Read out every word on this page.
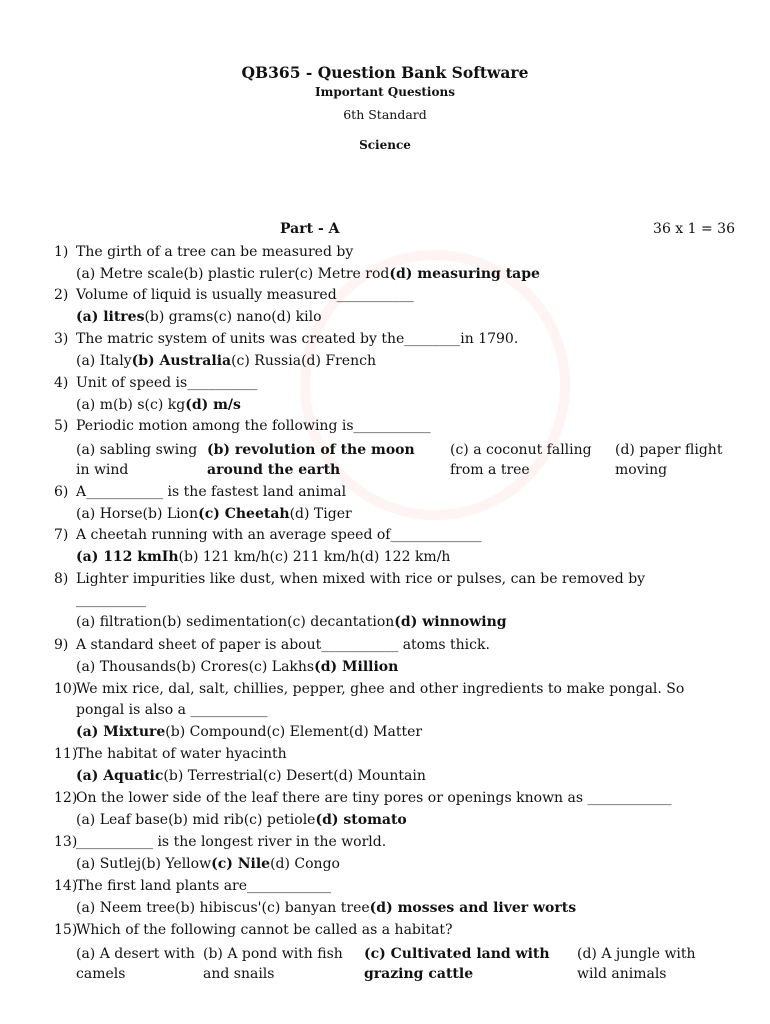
QB365 - Question Bank Software
Important Questions
6th Standard
Science
Part - A	36 x 1 = 36
1) The girth of a tree can be measured by
(a) Metre scale(b) plastic ruler(c) Metre rod(d) measuring tape
2) Volume of liquid is usually measured___________
(a) litres(b) grams(c) nano(d) kilo
3) The matric system of units was created by the________in 1790.
(a) Italy(b) Australia(c) Russia(d) French
4) Unit of speed is__________
(a) m(b) s(c) kg(d) m/s
5) Periodic motion among the following is___________
(a) sabling swing in wind
(b) revolution of the moon around the earth
(c) a coconut falling from a tree
(d) paper flight moving
6) A___________ is the fastest land animal
(a) Horse(b) Lion(c) Cheetah(d) Tiger
7) A cheetah running with an average speed of_____________
(a) 112 kmIh(b) 121 km/h(c) 211 km/h(d) 122 km/h
8) Lighter impurities like dust, when mixed with rice or pulses, can be removed by
__________
(a) filtration(b) sedimentation(c) decantation(d) winnowing
9) A standard sheet of paper is about___________ atoms thick.
(a) Thousands(b) Crores(c) Lakhs(d) Million
10)
We mix rice, dal, salt, chillies, pepper, ghee and other ingredients to make pongal. So
pongal is also a ___________
(a) Mixture(b) Compound(c) Element(d) Matter
11)
The habitat of water hyacinth
(a) Aquatic(b) Terrestrial(c) Desert(d) Mountain
12)
On the lower side of the leaf there are tiny pores or openings known as ____________
(a) Leaf base(b) mid rib(c) petiole(d) stomato
13)
___________ is the longest river in the world.
(a) Sutlej(b) Yellow(c) Nile(d) Congo
14)
The first land plants are____________
(a) Neem tree(b) hibiscus'(c) banyan tree(d) mosses and liver worts
15)
Which of the following cannot be called as a habitat?
(a) A desert with camels
(b) A pond with fish and snails
(c) Cultivated land with grazing cattle
(d) A jungle with wild animals
